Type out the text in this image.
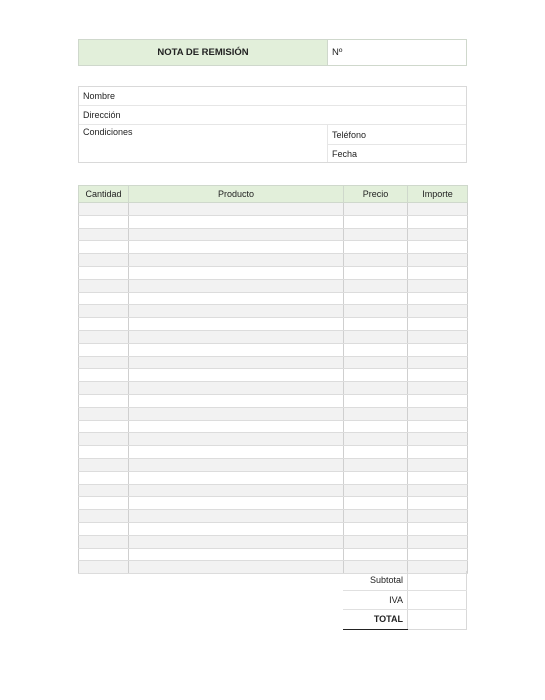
NOTA DE REMISIÓN	Nº
Nombre
Dirección
Condiciones	Teléfono
Fecha
Cantidad	Producto	Precio	Importe

Subtotal	
IVA	
TOTAL	
